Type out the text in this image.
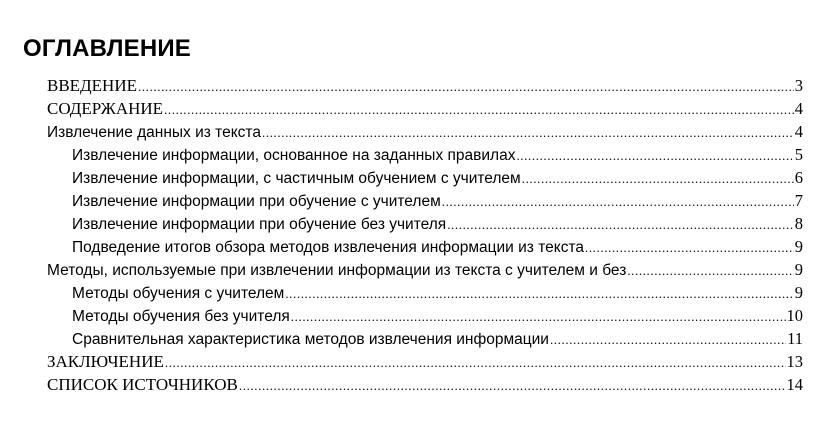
ОГЛАВЛЕНИЕ
ВВЕДЕНИЕ .....	3
СОДЕРЖАНИЕ .....	4
Извлечение данных из текста .....	4
Извлечение информации, основанное на заданных правилах .....	5
Извлечение информации, с частичным обучением с учителем .....	6
Извлечение информации при обучение с учителем .....	7
Извлечение информации при обучение без учителя .....	8
Подведение итогов обзора методов извлечения информации из текста .....	9
Методы, используемые при извлечении информации из текста с учителем и без .....	9
Методы обучения с учителем .....	9
Методы обучения без учителя .....	10
Сравнительная характеристика методов извлечения информации .....	11
ЗАКЛЮЧЕНИЕ .....	13
СПИСОК ИСТОЧНИКОВ .....	14
